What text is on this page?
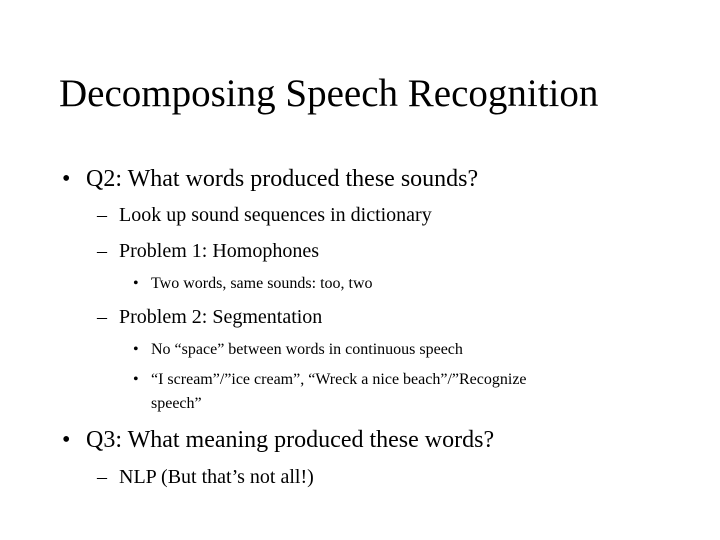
Decomposing Speech Recognition
• Q2: What words produced these sounds?
– Look up sound sequences in dictionary
– Problem 1: Homophones
• Two words, same sounds: too, two
– Problem 2: Segmentation
• No “space” between words in continuous speech
• “I scream”/”ice cream”, “Wreck a nice beach”/”Recognize
speech”
• Q3: What meaning produced these words?
– NLP (But that’s not all!)
